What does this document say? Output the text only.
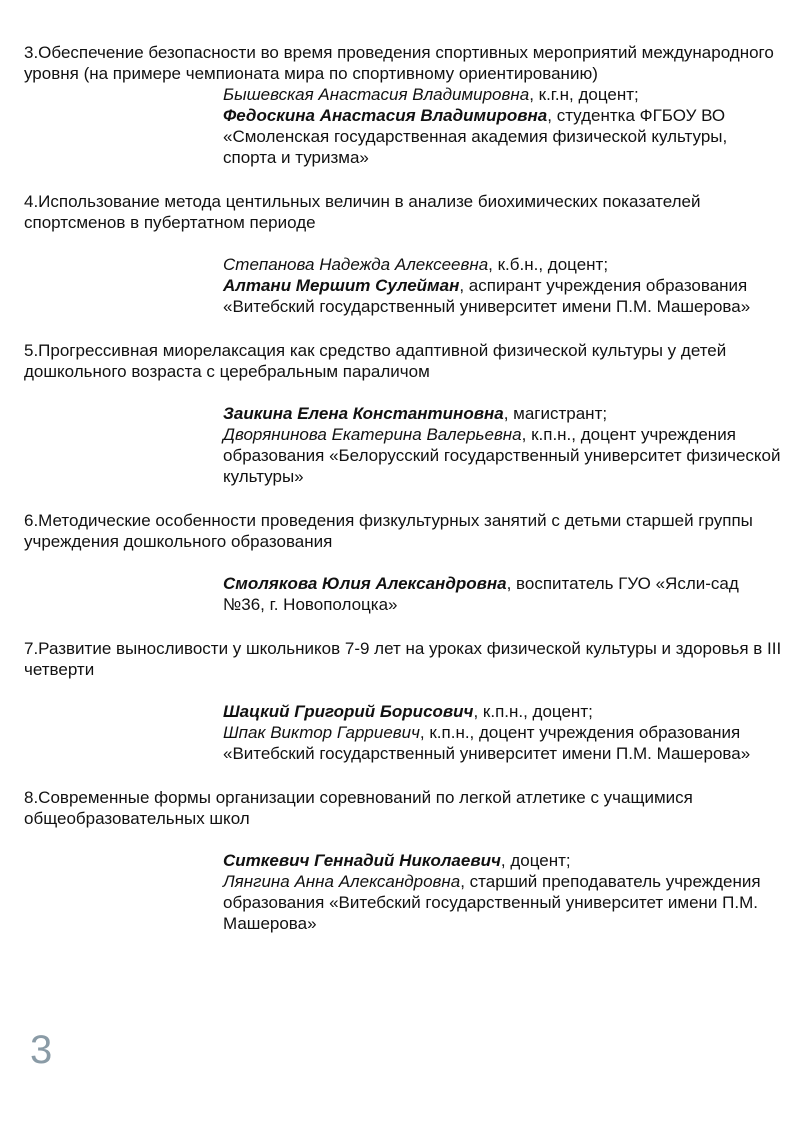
3.Обеспечение безопасности во время проведения спортивных мероприятий международного уровня (на примере чемпионата мира по спортивному ориентированию)

Бышевская Анастасия Владимировна, к.г.н, доцент;
Федоскина Анастасия Владимировна, студентка ФГБОУ ВО «Смоленская государственная академия физической культуры, спорта и туризма»

4.Использование метода центильных величин в анализе биохимических показателей спортсменов в пубертатном периоде

Степанова Надежда Алексеевна, к.б.н., доцент;
Алтани Мершит Сулейман, аспирант учреждения образования «Витебский государственный университет имени П.М. Машерова»

5.Прогрессивная миорелаксация как средство адаптивной физической культуры у детей дошкольного возраста с церебральным параличом

Заикина Елена Константиновна, магистрант;
Дворянинова Екатерина Валерьевна, к.п.н., доцент учреждения образования «Белорусский государственный университет физической культуры»

6.Методические особенности проведения физкультурных занятий с детьми старшей группы учреждения дошкольного образования

Смолякова Юлия Александровна, воспитатель ГУО «Ясли-сад №36, г. Новополоцка»

7.Развитие выносливости у школьников 7-9 лет на уроках физической культуры и здоровья в III четверти

Шацкий Григорий Борисович, к.п.н., доцент;
Шпак Виктор Гарриевич, к.п.н., доцент учреждения образования «Витебский государственный университет имени П.М. Машерова»

8.Современные формы организации соревнований по легкой атлетике с учащимися общеобразовательных школ

Ситкевич Геннадий Николаевич, доцент;
Лянгина Анна Александровна, старший преподаватель учреждения образования «Витебский государственный университет имени П.М. Машерова»
3
